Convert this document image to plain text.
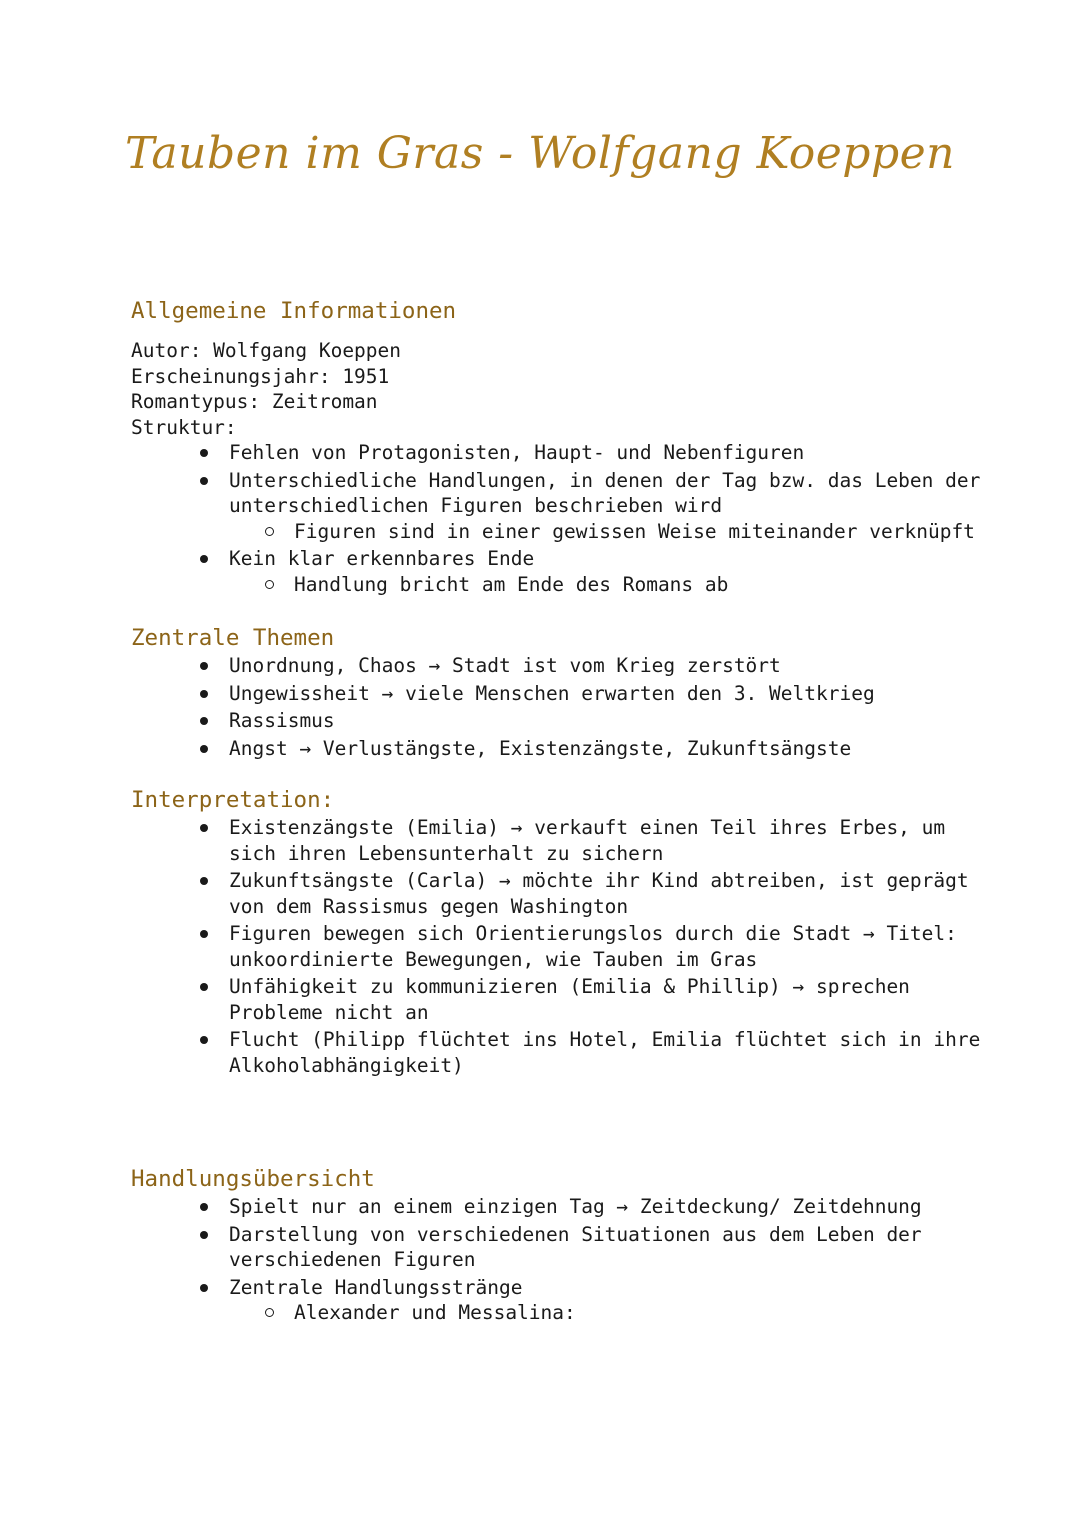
Tauben im Gras - Wolfgang Koeppen
Allgemeine Informationen

Autor: Wolfgang Koeppen

Erscheinungsjahr: 1951

Romantypus: Zeitroman

Struktur:

Fehlen von Protagonisten, Haupt- und Nebenfiguren
Unterschiedliche Handlungen, in denen der Tag bzw. das Leben der unterschiedlichen Figuren beschrieben wird
Figuren sind in einer gewissen Weise miteinander verknüpft
Kein klar erkennbares Ende
Handlung bricht am Ende des Romans ab
Zentrale Themen
Unordnung, Chaos → Stadt ist vom Krieg zerstört
Ungewissheit → viele Menschen erwarten den 3. Weltkrieg
Rassismus
Angst → Verlustängste, Existenzängste, Zukunftsängste
Interpretation:
Existenzängste (Emilia) → verkauft einen Teil ihres Erbes, um sich ihren Lebensunterhalt zu sichern
Zukunftsängste (Carla) → möchte ihr Kind abtreiben, ist geprägt von dem Rassismus gegen Washington
Figuren bewegen sich Orientierungslos durch die Stadt → Titel: unkoordinierte Bewegungen, wie Tauben im Gras
Unfähigkeit zu kommunizieren (Emilia & Phillip) → sprechen Probleme nicht an
Flucht (Philipp flüchtet ins Hotel, Emilia flüchtet sich in ihre Alkoholabhängigkeit)
Handlungsübersicht
Spielt nur an einem einzigen Tag → Zeitdeckung/ Zeitdehnung
Darstellung von verschiedenen Situationen aus dem Leben der verschiedenen Figuren
Zentrale Handlungsstränge
Alexander und Messalina:
